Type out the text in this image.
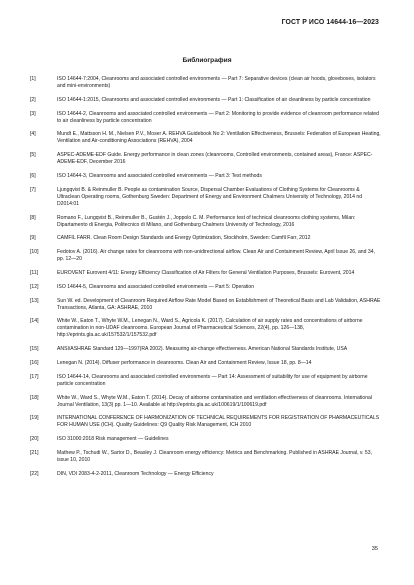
ГОСТ Р ИСО 14644-16—2023
Библиография
[1]	ISO 14644-7:2004, Cleanrooms and associated controlled environments — Part 7: Separative devices (clean air hoods, gloveboxes, isolators and mini-environments)
[2]	ISO 14644-1:2015, Cleanrooms and associated controlled environments — Part 1: Classification of air cleanliness by particle concentration
[3]	ISO 14644-2, Cleanrooms and associated controlled environments — Part 2: Monitoring to provide evidence of cleanroom performance related to air cleanliness by particle concentration
[4]	Mundt E., Mattsson H. M., Nielsen P.V., Moser A. REHVA Guidebook No 2: Ventilation Effectiveness, Brussels: Federation of European Heating, Ventilation and Air-conditioning Associations (REHVA), 2004
[5]	ASPEC-ADEME-EDF Guide. Energy performance in clean zones (cleanrooms, Controlled environments, contained areas), France: ASPEC-ADEME-EDF, December 2016
[6]	ISO 14644-3, Cleanrooms and associated controlled environments — Part 3: Test methods
[7]	Ljungqvist B. & Reinmuller B. People as contamination Source, Dispersal Chamber Evaluations of Clothing Systems for Cleanrooms & Ultraclean Operating rooms, Gothenburg Sweden: Department of Energy and Environment Chalmers University of Technology, 2014 nd D2014:01
[8]	Romano F., Lungqvist B., Reinmuller B., Gustén J., Joppolo C. M. Performance test of technical cleanrooms clothing systems, Milan: Dipartamento di Energia, Politecnico di Milano, and Gothenburg Chalmers University of Technology, 2016
[9]	CAMFIL FARR. Clean Room Design Standards and Energy Optimization, Stockholm, Sweden: Camfil Farr, 2012
[10]	Fedotov A. (2016). Air change rates for cleanrooms with non-unidirectional airflow. Clean Air and Containment Review, April Issue 26, and 34, pp. 12—20
[11]	EUROVENT Eurovent 4/11: Energy Efficiency Classification of Air Filters for General Ventilation Purposes, Brussels: Eurovent, 2014
[12]	ISO 14644-5, Cleanrooms and associated controlled environments — Part 5: Operation
[13]	Sun W. ed. Development of Cleanroom Required Airflow Rate Model Based on Establishment of Theoretical Basis and Lab Validation, ASHRAE Transactions, Atlanta, GA: ASHRAE, 2010
[14]	White W., Eaton T., Whyte W.M., Lenegan N., Ward S., Agricola K. (2017). Calculation of air supply rates and concentrations of airborne contamination in non-UDAF cleanrooms. European Journal of Pharmaceutical Sciences, 22(4), pp. 126—138, http://eprints.gla.ac.uk/157532/1/157532.pdf
[15]	ANSI/ASHRAE Standard 129—1997(RA 2002). Measuring air-change effectiveness. American National Standards Institute, USA
[16]	Lenegan N. (2014). Diffuser performance in cleanrooms. Clean Air and Containment Review, Issue 18, pp. 8—14
[17]	ISO 14644-14, Cleanrooms and associated controlled environments — Part 14: Assessment of suitability for use of equipment by airborne particle concentration
[18]	White W., Ward S., Whyte W.M., Eaton T. (2014). Decay of airborne contamination and ventilation effectiveness of cleanrooms. International Journal Ventilation, 13(3) pp. 1—10. Available at http://eprints.gla.ac.uk/100619/1/100619.pdf
[19]	INTERNATIONAL CONFERENCE OF HARMONIZATION OF TECHNICAL REQUIREMENTS FOR REGISTRATION OF PHARMACEUTICALS FOR HUMAN USE (ICH). Quality Guidelines: Q9 Quality Risk Management, ICH 2010
[20]	ISO 31000:2018 Risk management — Guidelines
[21]	Mathew P., Tschudi W., Sartor D., Beasley J. Cleanroom energy efficiency: Metrics and Benchmarking. Published in ASHRAE Journal, v. 53, issue 10, 2010
[22]	DIN, VDI 2083-4-2-2011, Cleanroom Technology — Energy Efficiency
35
